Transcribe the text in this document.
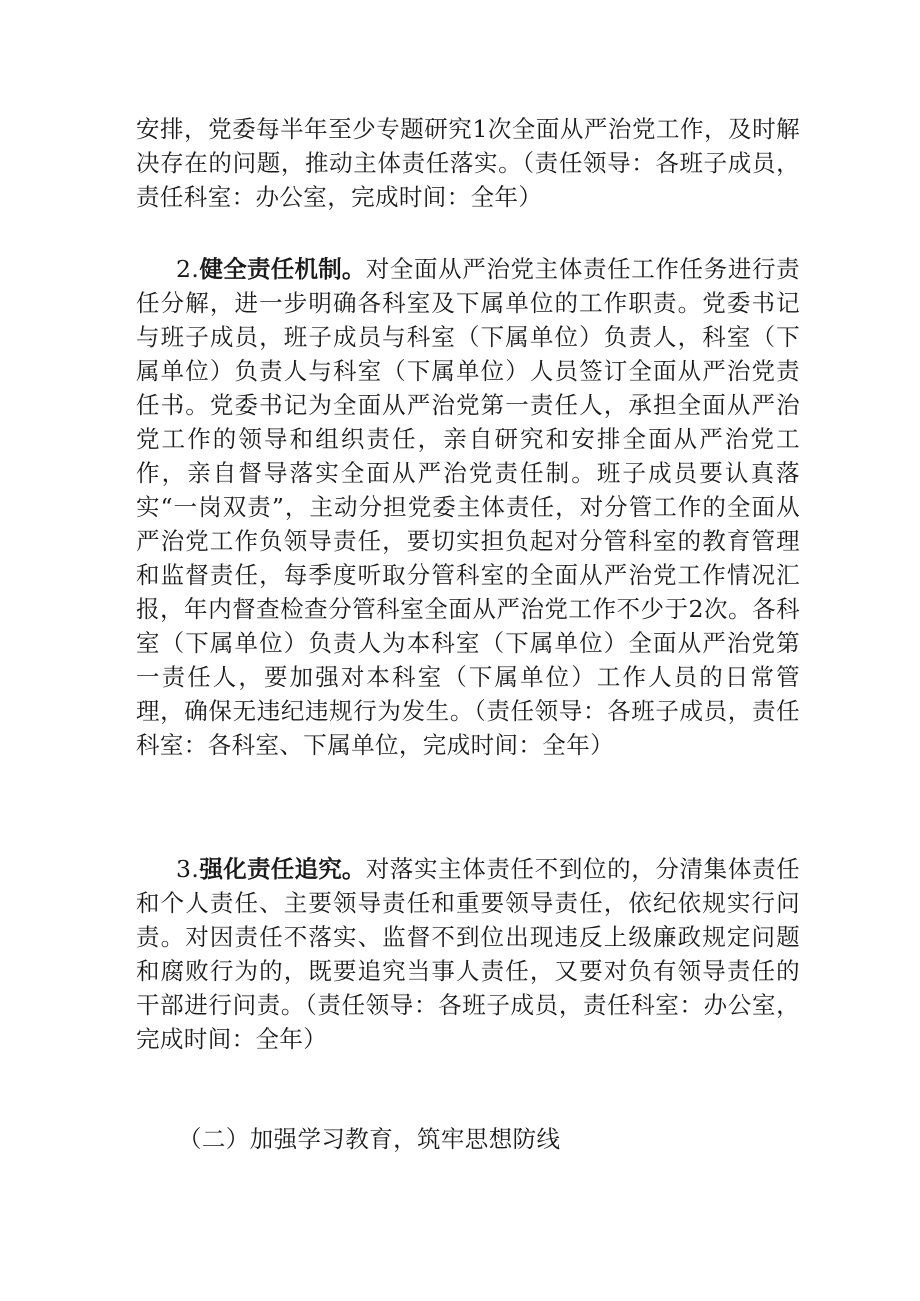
安排，党委每半年至少专题研究1次全面从严治党工作，及时解决存在的问题，推动主体责任落实。（责任领导：各班子成员，责任科室：办公室，完成时间：全年）

2.健全责任机制。对全面从严治党主体责任工作任务进行责任分解，进一步明确各科室及下属单位的工作职责。党委书记与班子成员，班子成员与科室（下属单位）负责人，科室（下属单位）负责人与科室（下属单位）人员签订全面从严治党责任书。党委书记为全面从严治党第一责任人，承担全面从严治党工作的领导和组织责任，亲自研究和安排全面从严治党工作，亲自督导落实全面从严治党责任制。班子成员要认真落实“一岗双责”，主动分担党委主体责任，对分管工作的全面从严治党工作负领导责任，要切实担负起对分管科室的教育管理和监督责任，每季度听取分管科室的全面从严治党工作情况汇报，年内督查检查分管科室全面从严治党工作不少于2次。各科室（下属单位）负责人为本科室（下属单位）全面从严治党第一责任人，要加强对本科室（下属单位）工作人员的日常管理，确保无违纪违规行为发生。（责任领导：各班子成员，责任科室：各科室、下属单位，完成时间：全年）

3.强化责任追究。对落实主体责任不到位的，分清集体责任和个人责任、主要领导责任和重要领导责任，依纪依规实行问责。对因责任不落实、监督不到位出现违反上级廉政规定问题和腐败行为的，既要追究当事人责任，又要对负有领导责任的干部进行问责。（责任领导：各班子成员，责任科室：办公室，完成时间：全年）

（二）加强学习教育，筑牢思想防线
